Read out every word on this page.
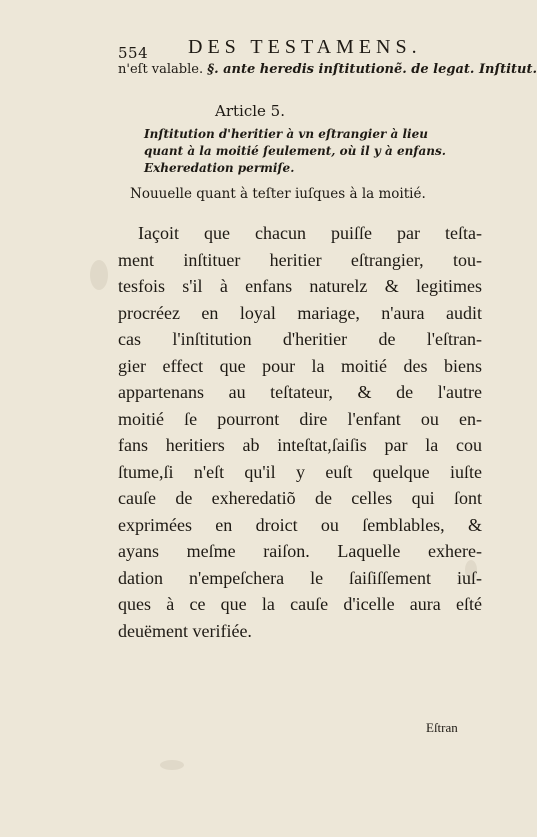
554 DES TESTAMENS.
n'eſt valable. §. ante heredis inſtitutionẽ. de legat. Inſtitut.
Article 5.
Inſtitution d'heritier à vn eſtrangier à lieu
quant à la moitié ſeulement, où il y à enfans.
Exheredation permiſe.
Nouuelle quant à teſter iuſques à la moitié.
Iaçoit que chacun puiſſe par teſta-
ment inſtituer heritier eſtrangier, tou-
tesfois s'il à enfans naturelz & legitimes
procréez en loyal mariage, n'aura audit
cas l'inſtitution d'heritier de l'eſtran-
gier effect que pour la moitié des biens
appartenans au teſtateur, & de l'autre
moitié ſe pourront dire l'enfant ou en-
fans heritiers ab inteſtat,ſaiſis par la cou
ſtume,ſi n'eſt qu'il y euſt quelque iuſte
cauſe de exheredatiõ de celles qui ſont
exprimées en droict ou ſemblables, &
ayans meſme raiſon. Laquelle exhere-
dation n'empeſchera le ſaiſiſſement iuſ-
ques à ce que la cauſe d'icelle aura eſté
deuëment verifiée.
Eſtran
